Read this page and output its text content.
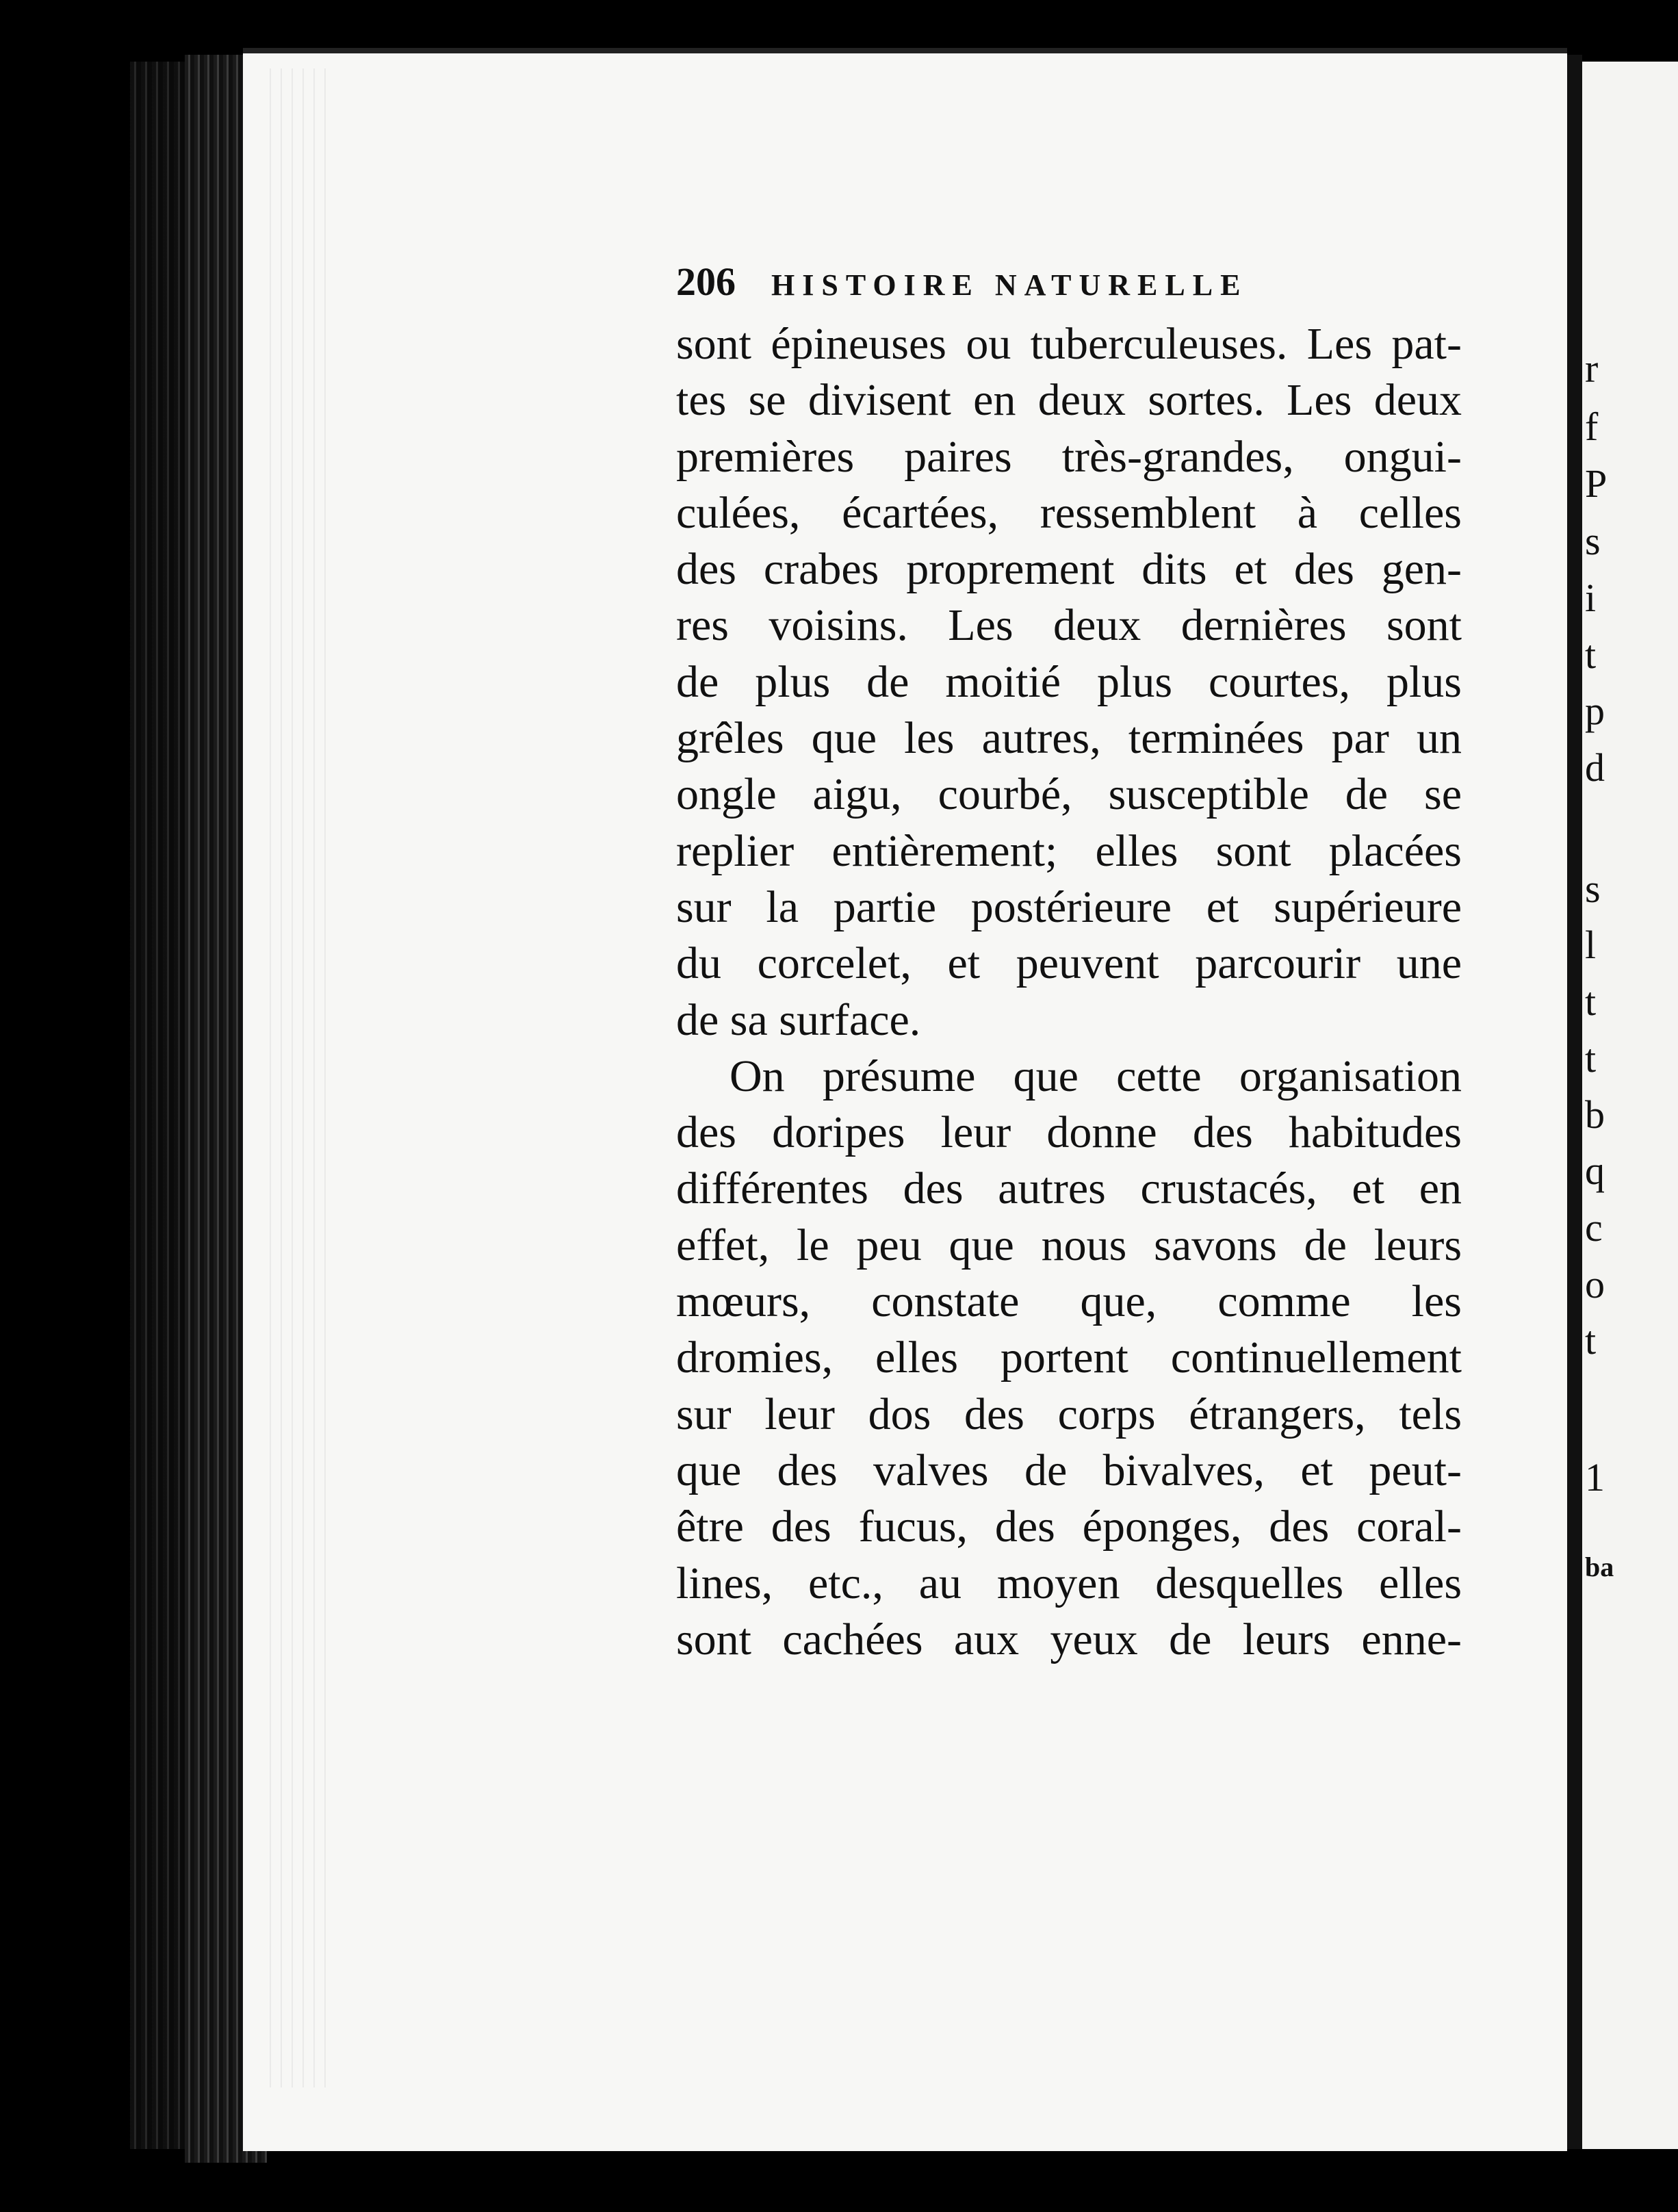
206 HISTOIRE NATURELLE
sont épineuses ou tuberculeuses. Les pat-
tes se divisent en deux sortes. Les deux
premières paires très-grandes, ongui-
culées, écartées, ressemblent à celles
des crabes proprement dits et des gen-
res voisins. Les deux dernières sont
de plus de moitié plus courtes, plus
grêles que les autres, terminées par un
ongle aigu, courbé, susceptible de se
replier entièrement; elles sont placées
sur la partie postérieure et supérieure
du corcelet, et peuvent parcourir une
de sa surface.
On présume que cette organisation
des doripes leur donne des habitudes
différentes des autres crustacés, et en
effet, le peu que nous savons de leurs
mœurs, constate que, comme les
dromies, elles portent continuellement
sur leur dos des corps étrangers, tels
que des valves de bivalves, et peut-
être des fucus, des éponges, des coral-
lines, etc., au moyen desquelles elles
sont cachées aux yeux de leurs enne-
r
f
P
s
i
t
p
d
s
l
t
t
b
q
c
o
t
1
ba
